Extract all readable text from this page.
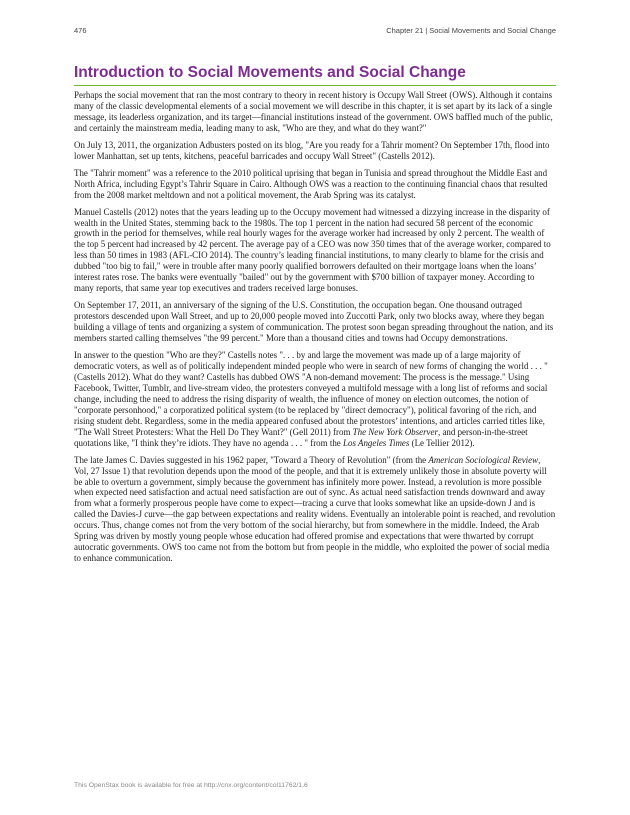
476	Chapter 21 | Social Movements and Social Change
Introduction to Social Movements and Social Change

Perhaps the social movement that ran the most contrary to theory in recent history is Occupy Wall Street (OWS). Although it contains many of the classic developmental elements of a social movement we will describe in this chapter, it is set apart by its lack of a single message, its leaderless organization, and its target—financial institutions instead of the government. OWS baffled much of the public, and certainly the mainstream media, leading many to ask, "Who are they, and what do they want?"

On July 13, 2011, the organization Adbusters posted on its blog, "Are you ready for a Tahrir moment? On September 17th, flood into lower Manhattan, set up tents, kitchens, peaceful barricades and occupy Wall Street" (Castells 2012).

The "Tahrir moment" was a reference to the 2010 political uprising that began in Tunisia and spread throughout the Middle East and North Africa, including Egypt’s Tahrir Square in Cairo. Although OWS was a reaction to the continuing financial chaos that resulted from the 2008 market meltdown and not a political movement, the Arab Spring was its catalyst.

Manuel Castells (2012) notes that the years leading up to the Occupy movement had witnessed a dizzying increase in the disparity of wealth in the United States, stemming back to the 1980s. The top 1 percent in the nation had secured 58 percent of the economic growth in the period for themselves, while real hourly wages for the average worker had increased by only 2 percent. The wealth of the top 5 percent had increased by 42 percent. The average pay of a CEO was now 350 times that of the average worker, compared to less than 50 times in 1983 (AFL-CIO 2014). The country’s leading financial institutions, to many clearly to blame for the crisis and dubbed "too big to fail," were in trouble after many poorly qualified borrowers defaulted on their mortgage loans when the loans’ interest rates rose. The banks were eventually "bailed" out by the government with $700 billion of taxpayer money. According to many reports, that same year top executives and traders received large bonuses.

On September 17, 2011, an anniversary of the signing of the U.S. Constitution, the occupation began. One thousand outraged protestors descended upon Wall Street, and up to 20,000 people moved into Zuccotti Park, only two blocks away, where they began building a village of tents and organizing a system of communication. The protest soon began spreading throughout the nation, and its members started calling themselves "the 99 percent." More than a thousand cities and towns had Occupy demonstrations.

In answer to the question "Who are they?" Castells notes ". . . by and large the movement was made up of a large majority of democratic voters, as well as of politically independent minded people who were in search of new forms of changing the world . . . " (Castells 2012). What do they want? Castells has dubbed OWS "A non-demand movement: The process is the message." Using Facebook, Twitter, Tumblr, and live-stream video, the protesters conveyed a multifold message with a long list of reforms and social change, including the need to address the rising disparity of wealth, the influence of money on election outcomes, the notion of "corporate personhood," a corporatized political system (to be replaced by "direct democracy"), political favoring of the rich, and rising student debt. Regardless, some in the media appeared confused about the protestors’ intentions, and articles carried titles like, "The Wall Street Protesters: What the Hell Do They Want?" (Gell 2011) from The New York Observer, and person-in-the-street quotations like, "I think they’re idiots. They have no agenda . . . " from the Los Angeles Times (Le Tellier 2012).

The late James C. Davies suggested in his 1962 paper, "Toward a Theory of Revolution" (from the American Sociological Review, Vol, 27 Issue 1) that revolution depends upon the mood of the people, and that it is extremely unlikely those in absolute poverty will be able to overturn a government, simply because the government has infinitely more power. Instead, a revolution is more possible when expected need satisfaction and actual need satisfaction are out of sync. As actual need satisfaction trends downward and away from what a formerly prosperous people have come to expect—tracing a curve that looks somewhat like an upside-down J and is called the Davies-J curve—the gap between expectations and reality widens. Eventually an intolerable point is reached, and revolution occurs. Thus, change comes not from the very bottom of the social hierarchy, but from somewhere in the middle. Indeed, the Arab Spring was driven by mostly young people whose education had offered promise and expectations that were thwarted by corrupt autocratic governments. OWS too came not from the bottom but from people in the middle, who exploited the power of social media to enhance communication.

This OpenStax book is available for free at http://cnx.org/content/col11762/1.6
